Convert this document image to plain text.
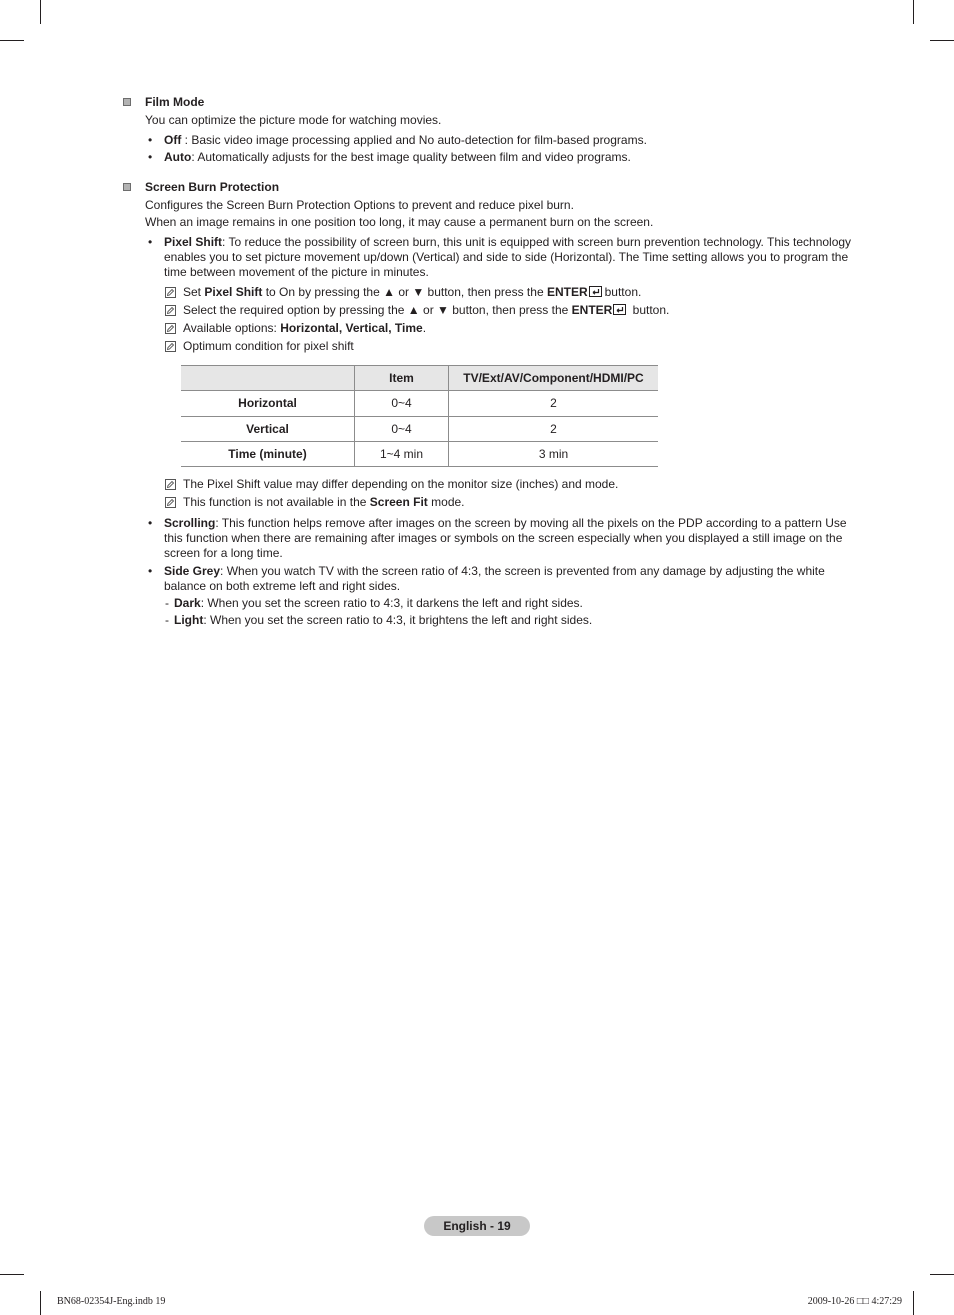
Film Mode
You can optimize the picture mode for watching movies.
• Off : Basic video image processing applied and No auto-detection for film-based programs.
• Auto: Automatically adjusts for the best image quality between film and video programs.
Screen Burn Protection
Configures the Screen Burn Protection Options to prevent and reduce pixel burn.
When an image remains in one position too long, it may cause a permanent burn on the screen.
• Pixel Shift: To reduce the possibility of screen burn, this unit is equipped with screen burn prevention technology. This technology enables you to set picture movement up/down (Vertical) and side to side (Horizontal). The Time setting allows you to program the time between movement of the picture in minutes.
Set Pixel Shift to On by pressing the ▲ or ▼ button, then press the ENTER button.
Select the required option by pressing the ▲ or ▼ button, then press the ENTER
button.
Available options: Horizontal, Vertical, Time.
Optimum condition for pixel shift
	Item	TV/Ext/AV/Component/HDMI/PC
Horizontal	0~4	2
Vertical	0~4	2
Time (minute)	1~4 min	3 min
The Pixel Shift value may differ depending on the monitor size (inches) and mode.
This function is not available in the Screen Fit mode.
• Scrolling: This function helps remove after images on the screen by moving all the pixels on the PDP according to a pattern Use this function when there are remaining after images or symbols on the screen especially when you displayed a still image on the screen for a long time.
• Side Grey: When you watch TV with the screen ratio of 4:3, the screen is prevented from any damage by adjusting the white balance on both extreme left and right sides.
- Dark: When you set the screen ratio to 4:3, it darkens the left and right sides.
- Light: When you set the screen ratio to 4:3, it brightens the left and right sides.
English - 19
BN68-02354J-Eng.indb 19	2009-10-26 □□ 4:27:29
